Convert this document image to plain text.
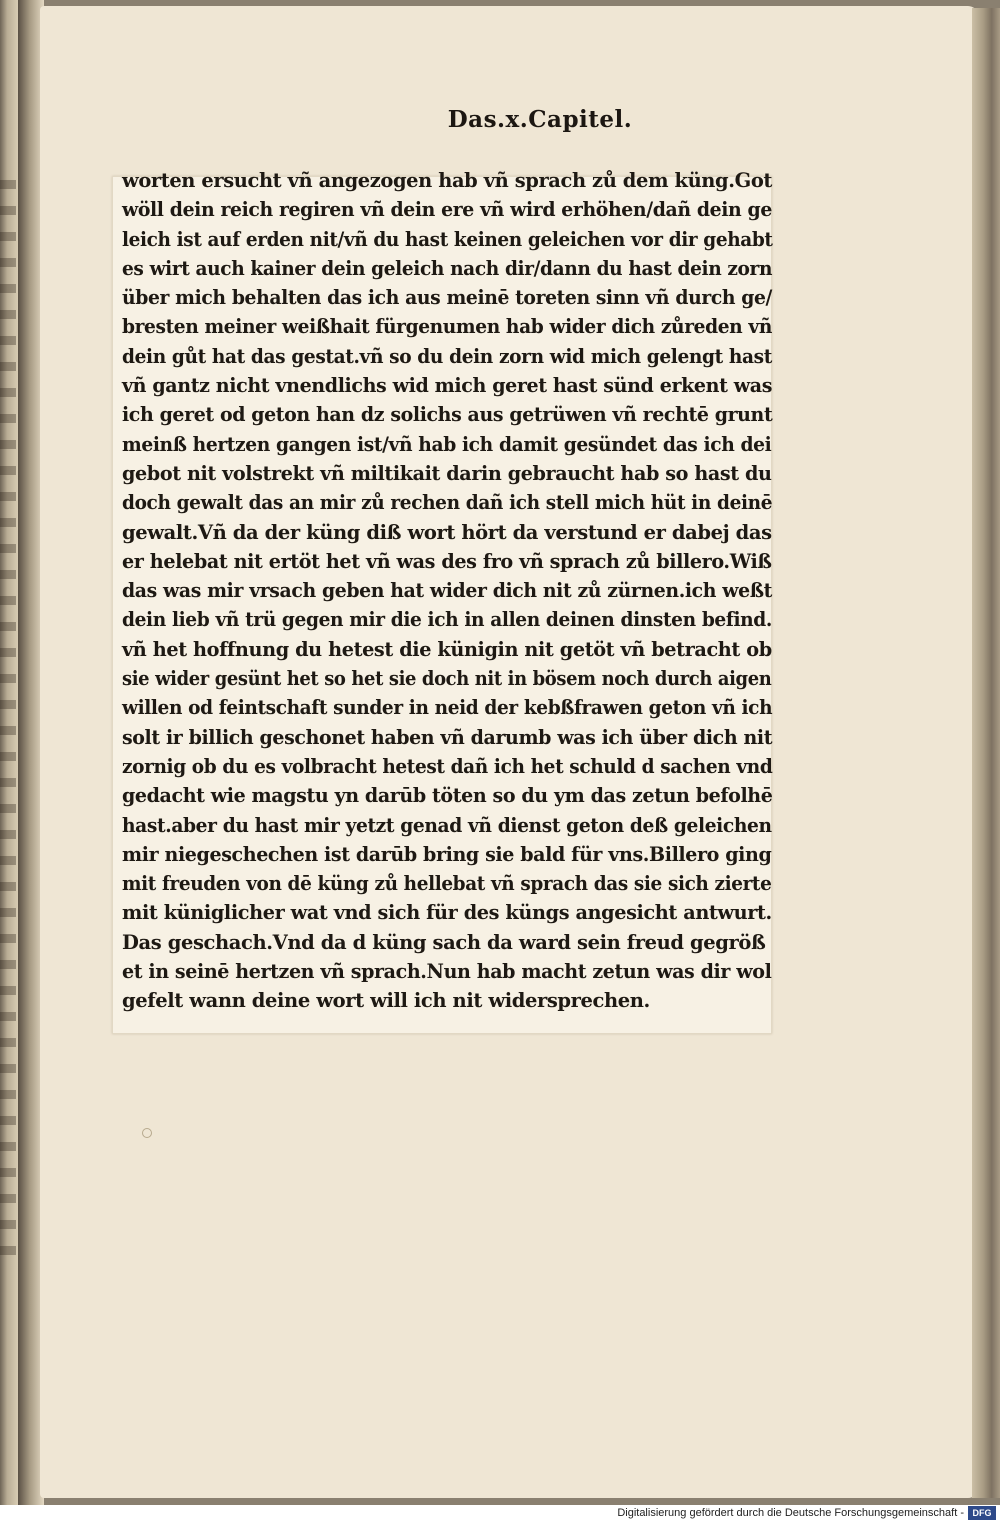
Das.x.Capitel.
worten ersucht vñ angezogen hab vñ sprach zů dem küng.Gotwöll dein reich regiren vñ dein ere vñ wird erhöhen/dañ dein geleich ist auf erden nit/vñ du hast keinen geleichen vor dir gehabtes wirt auch kainer dein geleich nach dir/dann du hast dein zornüber mich behalten das ich aus meinē toreten sinn vñ durch ge/bresten meiner weißhait fürgenumen hab wider dich zůreden vñdein gůt hat das gestat.vñ so du dein zorn wid mich gelengt hastvñ gantz nicht vnendlichs wid mich geret hast sünd erkent wasich geret od geton han dz solichs aus getrüwen vñ rechtē gruntmeinß hertzen gangen ist/vñ hab ich damit gesündet das ich deigebot nit volstrekt vñ miltikait darin gebraucht hab so hast dudoch gewalt das an mir zů rechen dañ ich stell mich hüt in deinē
gewalt.Vñ da der küng diß wort hört da verstund er dabej das
er helebat nit ertöt het vñ was des fro vñ sprach zů billero.Wißdas was mir vrsach geben hat wider dich nit zů zürnen.ich weßtdein lieb vñ trü gegen mir die ich in allen deinen dinsten befind.vñ het hoffnung du hetest die künigin nit getöt vñ betracht obsie wider gesünt het so het sie doch nit in bösem noch durch aigenwillen od feintschaft sunder in neid der kebßfrawen geton vñ ichsolt ir billich geschonet haben vñ darumb was ich über dich nitzornig ob du es volbracht hetest dañ ich het schuld d sachen vndgedacht wie magstu yn darūb töten so du ym das zetun befolhēhast.aber du hast mir yetzt genad vñ dienst geton deß geleichenmir niegeschechen ist darūb bring sie bald für vns.Billero gingmit freuden von dē küng zů hellebat vñ sprach das sie sich ziertemit küniglicher wat vnd sich für des küngs angesicht antwurt.
Das geschach.Vnd da d küng sach da ward sein freud gegröß
et in seinē hertzen vñ sprach.Nun hab macht zetun was dir wol
gefelt wann deine wort will ich nit widersprechen.
Digitalisierung gefördert durch die Deutsche Forschungsgemeinschaft - DFG
